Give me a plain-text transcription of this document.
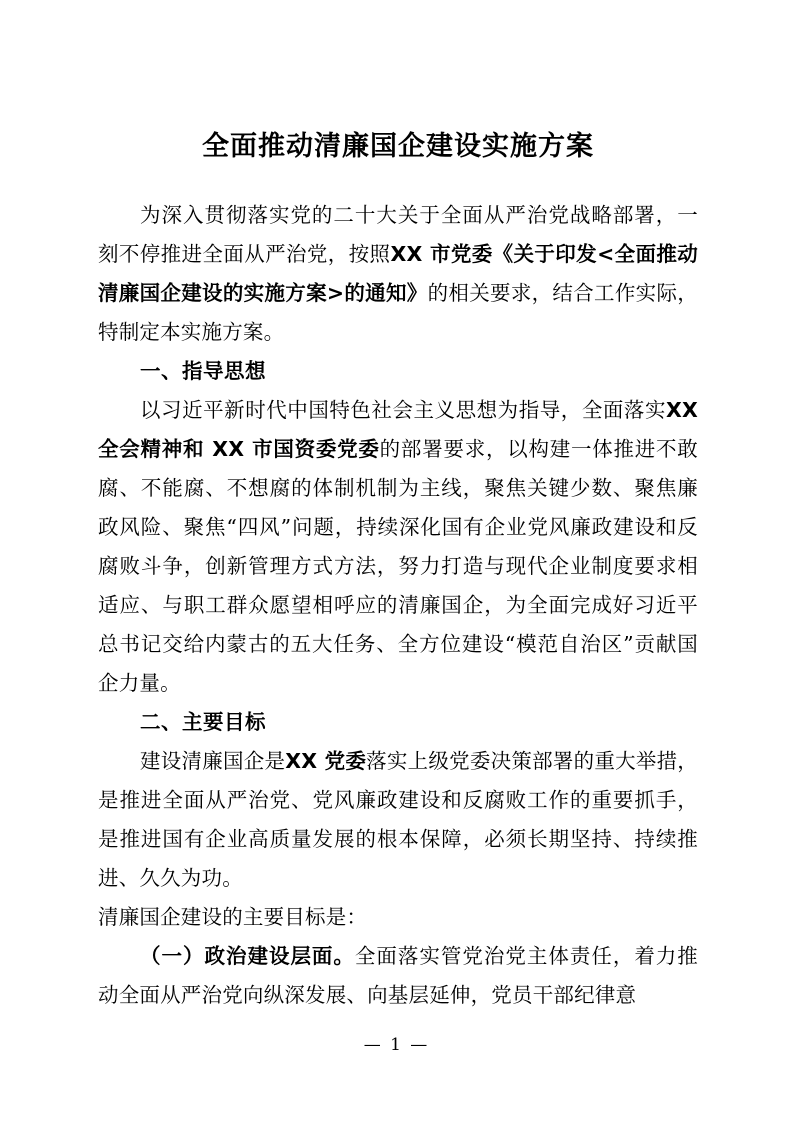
全面推动清廉国企建设实施方案

为深入贯彻落实党的二十大关于全面从严治党战略部署，一刻不停推进全面从严治党，按照XX 市党委《关于印发<全面推动清廉国企建设的实施方案>的通知》的相关要求，结合工作实际，特制定本实施方案。

一、指导思想

以习近平新时代中国特色社会主义思想为指导，全面落实XX 全会精神和 XX 市国资委党委的部署要求，以构建一体推进不敢腐、不能腐、不想腐的体制机制为主线，聚焦关键少数、聚焦廉政风险、聚焦“四风”问题，持续深化国有企业党风廉政建设和反腐败斗争，创新管理方式方法，努力打造与现代企业制度要求相适应、与职工群众愿望相呼应的清廉国企，为全面完成好习近平总书记交给内蒙古的五大任务、全方位建设“模范自治区”贡献国企力量。

二、主要目标

建设清廉国企是XX 党委落实上级党委决策部署的重大举措，是推进全面从严治党、党风廉政建设和反腐败工作的重要抓手，是推进国有企业高质量发展的根本保障，必须长期坚持、持续推进、久久为功。

清廉国企建设的主要目标是：

（一）政治建设层面。全面落实管党治党主体责任，着力推动全面从严治党向纵深发展、向基层延伸，党员干部纪律意

— 1 —
